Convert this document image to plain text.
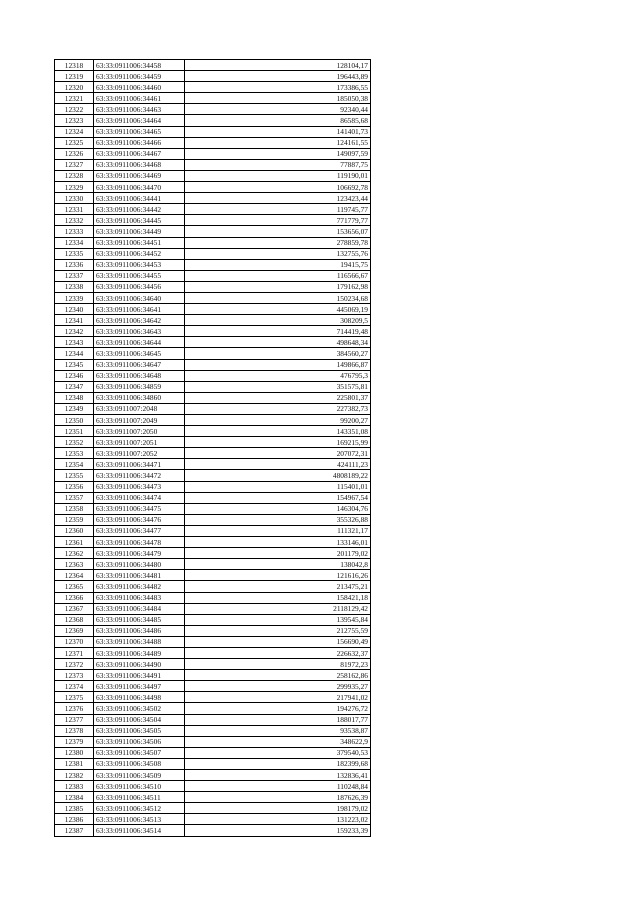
12318	63:33:0911006:34458	128104,17
12319	63:33:0911006:34459	196443,89
12320	63:33:0911006:34460	173386,55
12321	63:33:0911006:34461	185050,38
12322	63:33:0911006:34463	92340,44
12323	63:33:0911006:34464	86585,68
12324	63:33:0911006:34465	141401,73
12325	63:33:0911006:34466	124161,55
12326	63:33:0911006:34467	149097,59
12327	63:33:0911006:34468	77887,75
12328	63:33:0911006:34469	119190,01
12329	63:33:0911006:34470	106692,78
12330	63:33:0911006:34441	123423,44
12331	63:33:0911006:34442	119745,77
12332	63:33:0911006:34445	771779,77
12333	63:33:0911006:34449	153656,07
12334	63:33:0911006:34451	278859,78
12335	63:33:0911006:34452	132755,76
12336	63:33:0911006:34453	19415,75
12337	63:33:0911006:34455	116566,67
12338	63:33:0911006:34456	179162,98
12339	63:33:0911006:34640	150234,68
12340	63:33:0911006:34641	445069,19
12341	63:33:0911006:34642	308209,5
12342	63:33:0911006:34643	714419,48
12343	63:33:0911006:34644	498648,34
12344	63:33:0911006:34645	384560,27
12345	63:33:0911006:34647	149866,87
12346	63:33:0911006:34648	476795,3
12347	63:33:0911006:34859	351575,81
12348	63:33:0911006:34860	225801,37
12349	63:33:0911007:2048	227382,73
12350	63:33:0911007:2049	99200,27
12351	63:33:0911007:2050	143351,08
12352	63:33:0911007:2051	169215,99
12353	63:33:0911007:2052	207072,31
12354	63:33:0911006:34471	424111,23
12355	63:33:0911006:34472	4808189,22
12356	63:33:0911006:34473	115401,01
12357	63:33:0911006:34474	154967,54
12358	63:33:0911006:34475	146304,76
12359	63:33:0911006:34476	355326,88
12360	63:33:0911006:34477	111321,17
12361	63:33:0911006:34478	133146,01
12362	63:33:0911006:34479	201179,02
12363	63:33:0911006:34480	138042,8
12364	63:33:0911006:34481	121616,26
12365	63:33:0911006:34482	213475,21
12366	63:33:0911006:34483	158421,18
12367	63:33:0911006:34484	2118129,42
12368	63:33:0911006:34485	139545,84
12369	63:33:0911006:34486	212755,59
12370	63:33:0911006:34488	156690,49
12371	63:33:0911006:34489	226632,37
12372	63:33:0911006:34490	81972,23
12373	63:33:0911006:34491	258162,86
12374	63:33:0911006:34497	299935,27
12375	63:33:0911006:34498	217941,02
12376	63:33:0911006:34502	194276,72
12377	63:33:0911006:34504	188017,77
12378	63:33:0911006:34505	93538,87
12379	63:33:0911006:34506	348622,9
12380	63:33:0911006:34507	379540,53
12381	63:33:0911006:34508	182399,68
12382	63:33:0911006:34509	132836,41
12383	63:33:0911006:34510	110248,84
12384	63:33:0911006:34511	187626,39
12385	63:33:0911006:34512	198179,02
12386	63:33:0911006:34513	131223,02
12387	63:33:0911006:34514	159233,39
